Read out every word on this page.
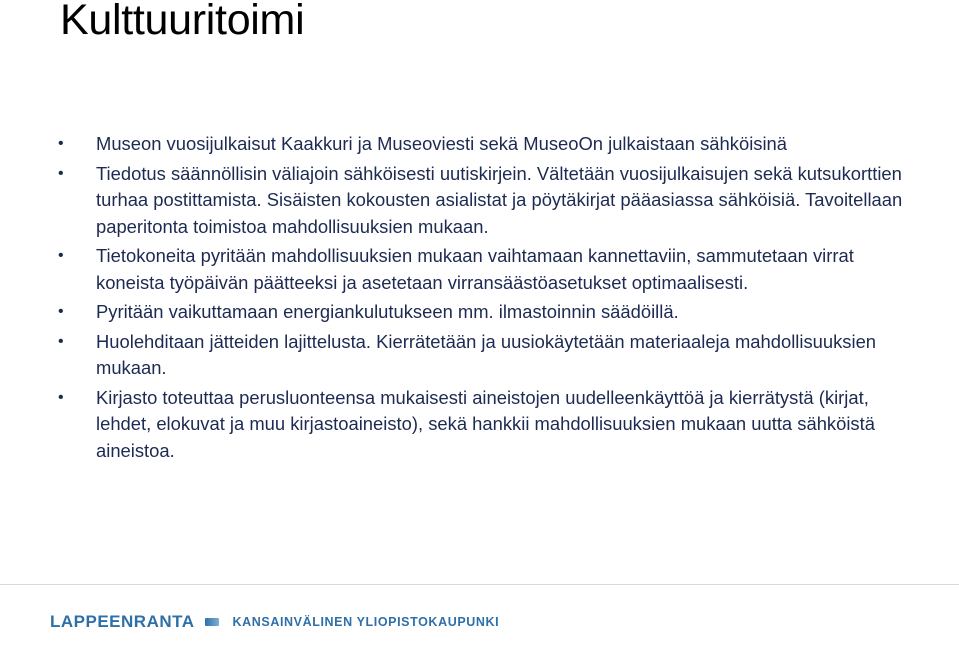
Kulttuuritoimi
• Museon vuosijulkaisut Kaakkuri ja Museoviesti sekä MuseoOn julkaistaan sähköisinä
• Tiedotus säännöllisin väliajoin sähköisesti uutiskirjein. Vältetään vuosijulkaisujen sekä kutsukorttien turhaa postittamista. Sisäisten kokousten asialistat ja pöytäkirjat pääasiassa sähköisiä. Tavoitellaan paperitonta toimistoa mahdollisuuksien mukaan.
• Tietokoneita pyritään mahdollisuuksien mukaan vaihtamaan kannettaviin, sammutetaan virrat koneista työpäivän päätteeksi ja asetetaan virransäästöasetukset optimaalisesti.
• Pyritään vaikuttamaan energiankulutukseen mm. ilmastoinnin säädöillä.
• Huolehditaan jätteiden lajittelusta. Kierrätetään ja uusiokäytetään materiaaleja mahdollisuuksien mukaan.
• Kirjasto toteuttaa perusluonteensa mukaisesti aineistojen uudelleenkäyttöä ja kierrätystä (kirjat, lehdet, elokuvat ja muu kirjastoaineisto), sekä hankkii mahdollisuuksien mukaan uutta sähköistä aineistoa.
LAPPEENRANTA	KANSAINVÄLINEN YLIOPISTOKAUPUNKI
